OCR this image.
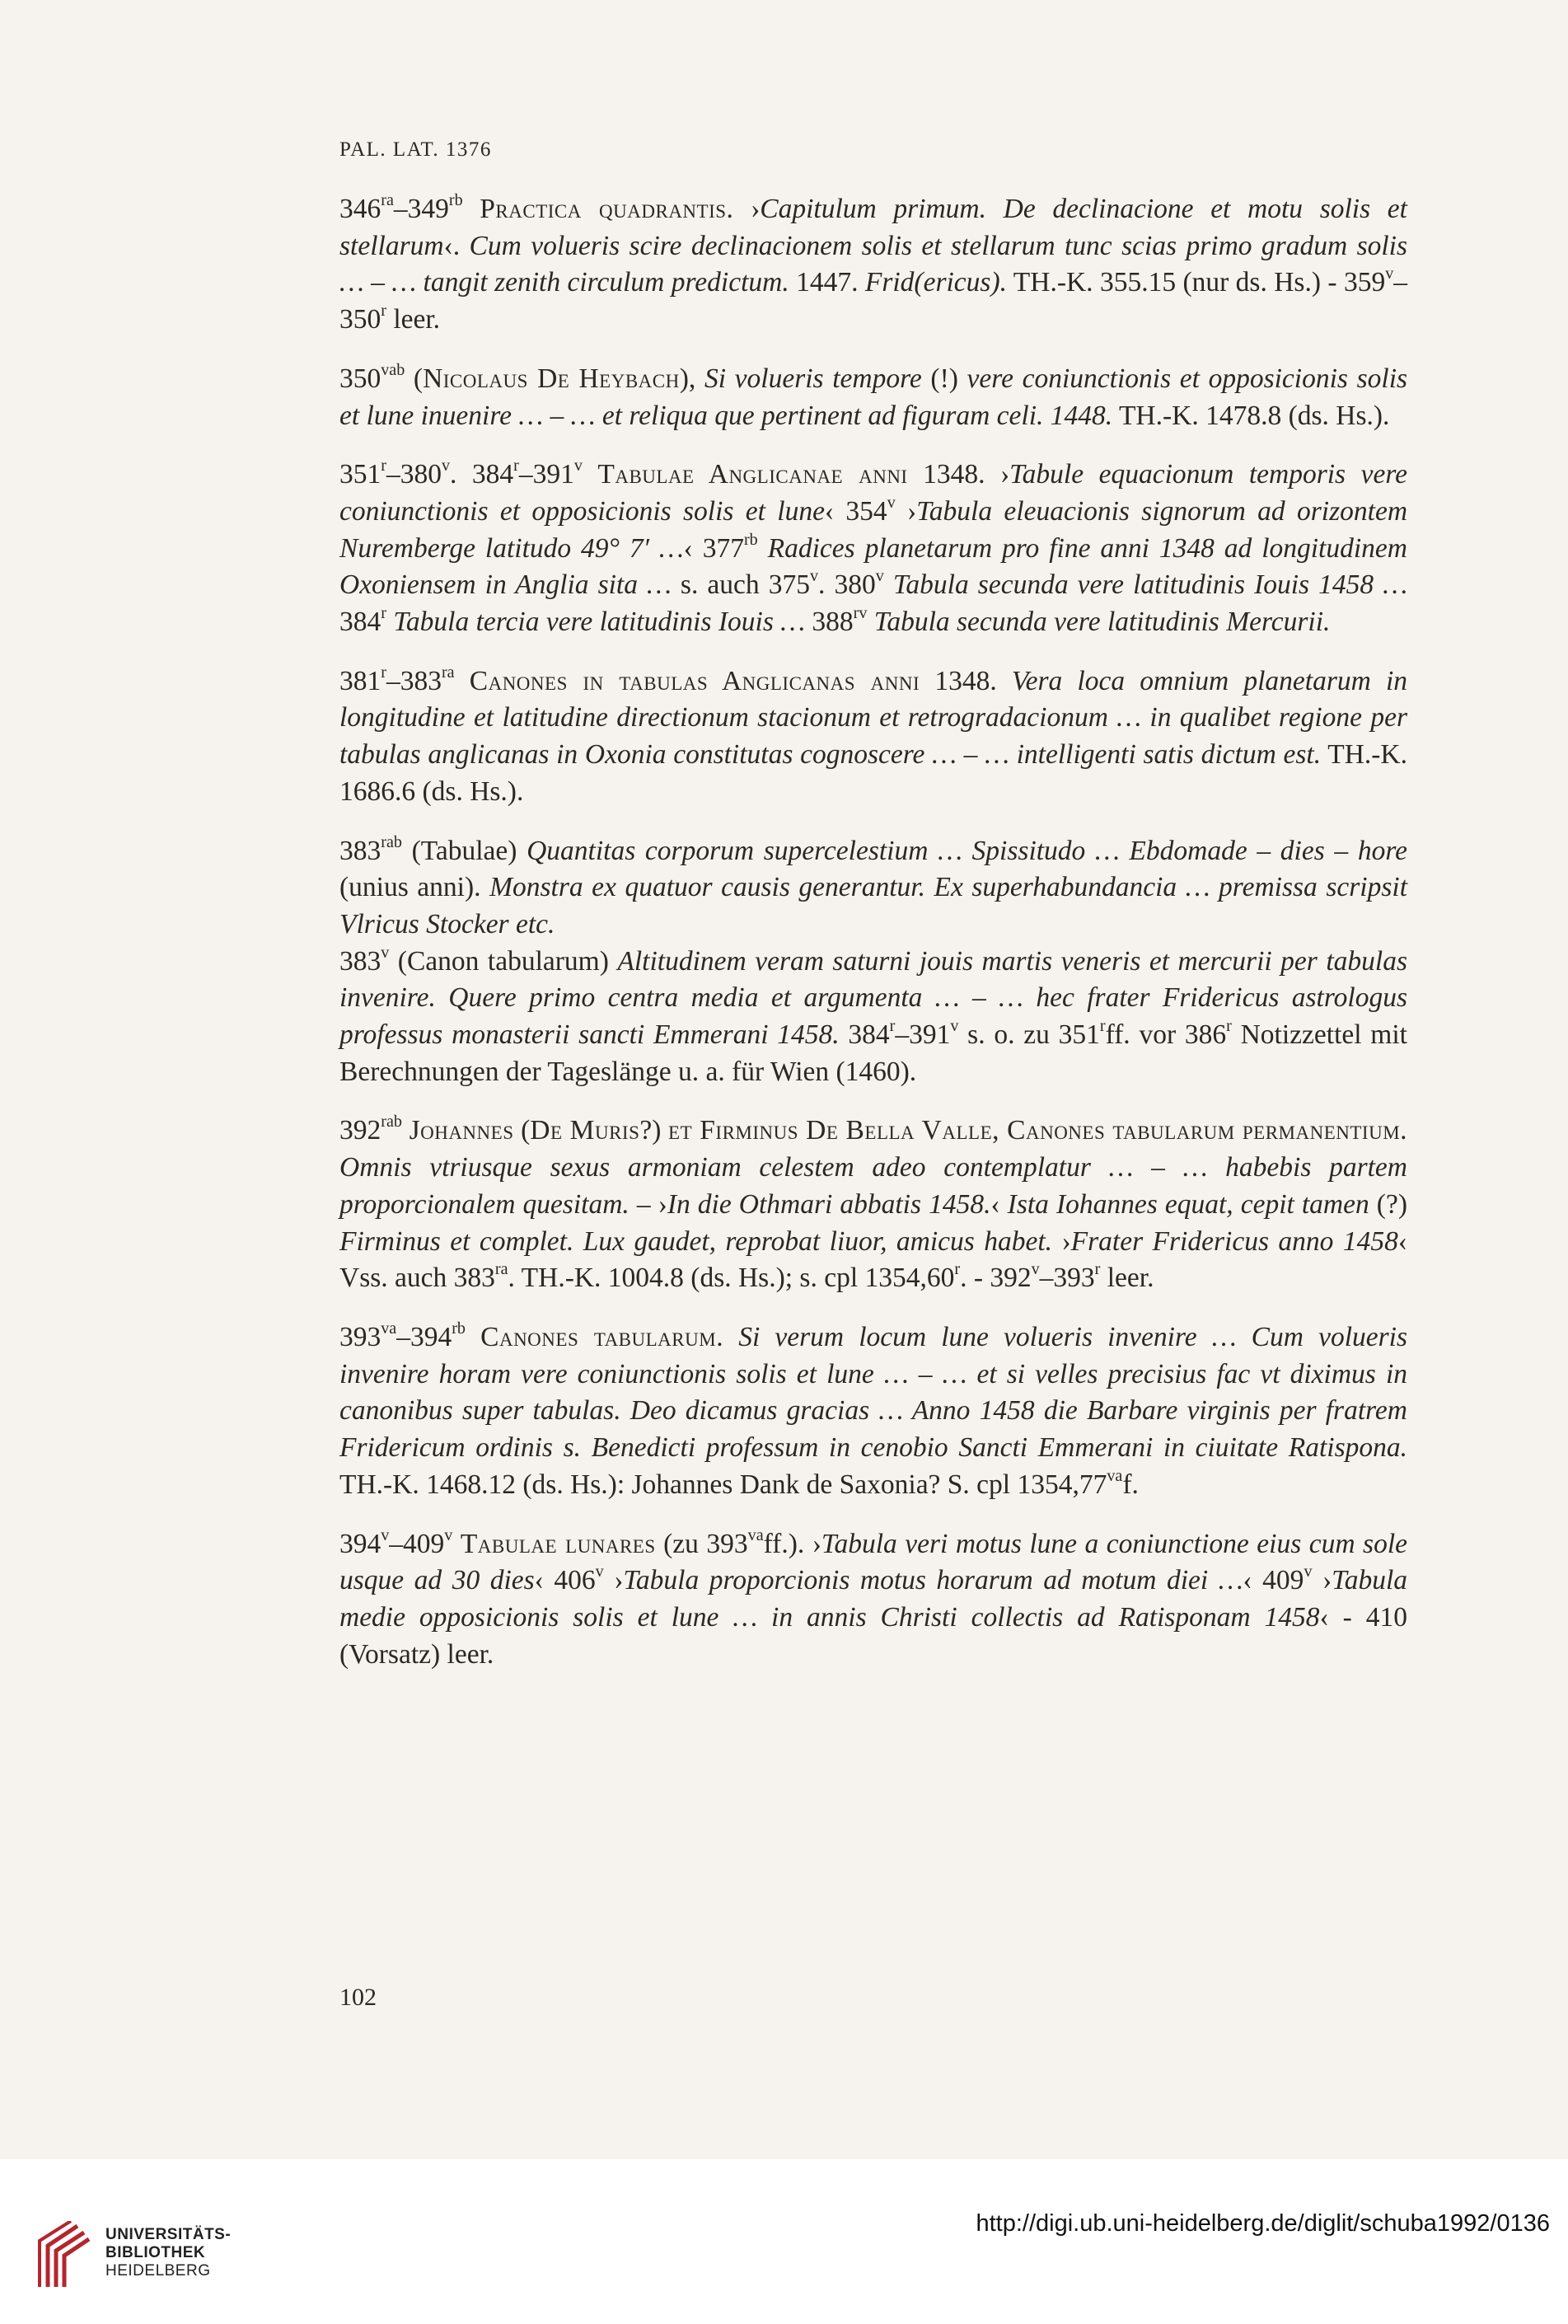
PAL. LAT. 1376

$346^{ra}-349^{rb}$ Practica quadrantis. ›Capitulum primum. De declinacione et motu solis et stellarum‹. Cum volueris scire declinacionem solis et stellarum tunc scias primo gradum solis … – … tangit zenith circulum predictum. 1447. Frid(ericus). TH.-K. 355.15 (nur ds. Hs.) - 359$^v$–350$^r$ leer.

$350^{vab}$ (Nicolaus De Heybach), Si volueris tempore (!) vere coniunctionis et opposicionis solis et lune inuenire … – … et reliqua que pertinent ad figuram celi. 1448. TH.-K. 1478.8 (ds. Hs.).

351$^r$–380$^v$. 384$^r$–391$^v$ Tabulae Anglicanae anni 1348. ›Tabule equacionum temporis vere coniunctionis et opposicionis solis et lune‹ 354$^v$ ›Tabula eleuacionis signorum ad orizontem Nuremberge latitudo 49° 7′ …‹ $377^{rb}$ Radices planetarum pro fine anni 1348 ad longitudinem Oxoniensem in Anglia sita … s. auch 375$^v$. 380$^v$ Tabula secunda vere latitudinis Iouis 1458 … 384$^r$ Tabula tercia vere latitudinis Iouis … $388^{rv}$ Tabula secunda vere latitudinis Mercurii.

$381^r-383^{ra}$ Canones in tabulas Anglicanas anni 1348. Vera loca omnium planetarum in longitudine et latitudine directionum stacionum et retrogradacionum … in qualibet regione per tabulas anglicanas in Oxonia constitutas cognoscere … – … intelligenti satis dictum est. TH.-K. 1686.6 (ds. Hs.).

$383^{rab}$ (Tabulae) Quantitas corporum supercelestium … Spissitudo … Ebdomade – dies – hore (unius anni). Monstra ex quatuor causis generantur. Ex superhabundancia … premissa scripsit Vlricus Stocker etc.

383$^v$ (Canon tabularum) Altitudinem veram saturni jouis martis veneris et mercurii per tabulas invenire. Quere primo centra media et argumenta … – … hec frater Fridericus astrologus professus monasterii sancti Emmerani 1458. 384$^r$–391$^v$ s. o. zu 351$^r$ff. vor 386$^r$ Notizzettel mit Berechnungen der Tageslänge u. a. für Wien (1460).

$392^{rab}$ Johannes (De Muris?) et Firminus De Bella Valle, Canones tabularum permanentium. Omnis vtriusque sexus armoniam celestem adeo contemplatur … – … habebis partem proporcionalem quesitam. – ›In die Othmari abbatis 1458.‹ Ista Iohannes equat, cepit tamen (?) Firminus et complet. Lux gaudet, reprobat liuor, amicus habet. ›Frater Fridericus anno 1458‹ Vss. auch $383^{ra}$. TH.-K. 1004.8 (ds. Hs.); s. cpl 1354,60$^r$. - 392$^v$–393$^r$ leer.

$393^{va}-394^{rb}$ Canones tabularum. Si verum locum lune volueris invenire … Cum volueris invenire horam vere coniunctionis solis et lune … – … et si velles precisius fac vt diximus in canonibus super tabulas. Deo dicamus gracias … Anno 1458 die Barbare virginis per fratrem Fridericum ordinis s. Benedicti professum in cenobio Sancti Emmerani in ciuitate Ratispona. TH.-K. 1468.12 (ds. Hs.): Johannes Dank de Saxonia? S. cpl $1354,77^{va}f$.

394$^v$–409$^v$ Tabulae lunares (zu $393^{va}ff$.). ›Tabula veri motus lune a coniunctione eius cum sole usque ad 30 dies‹ 406$^v$ ›Tabula proporcionis motus horarum ad motum diei …‹ 409$^v$ ›Tabula medie opposicionis solis et lune … in annis Christi collectis ad Ratisponam 1458‹ - 410 (Vorsatz) leer.

102
UNIVERSITÄTS-
BIBLIOTHEK
HEIDELBERG
http://digi.ub.uni-heidelberg.de/diglit/schuba1992/0136
